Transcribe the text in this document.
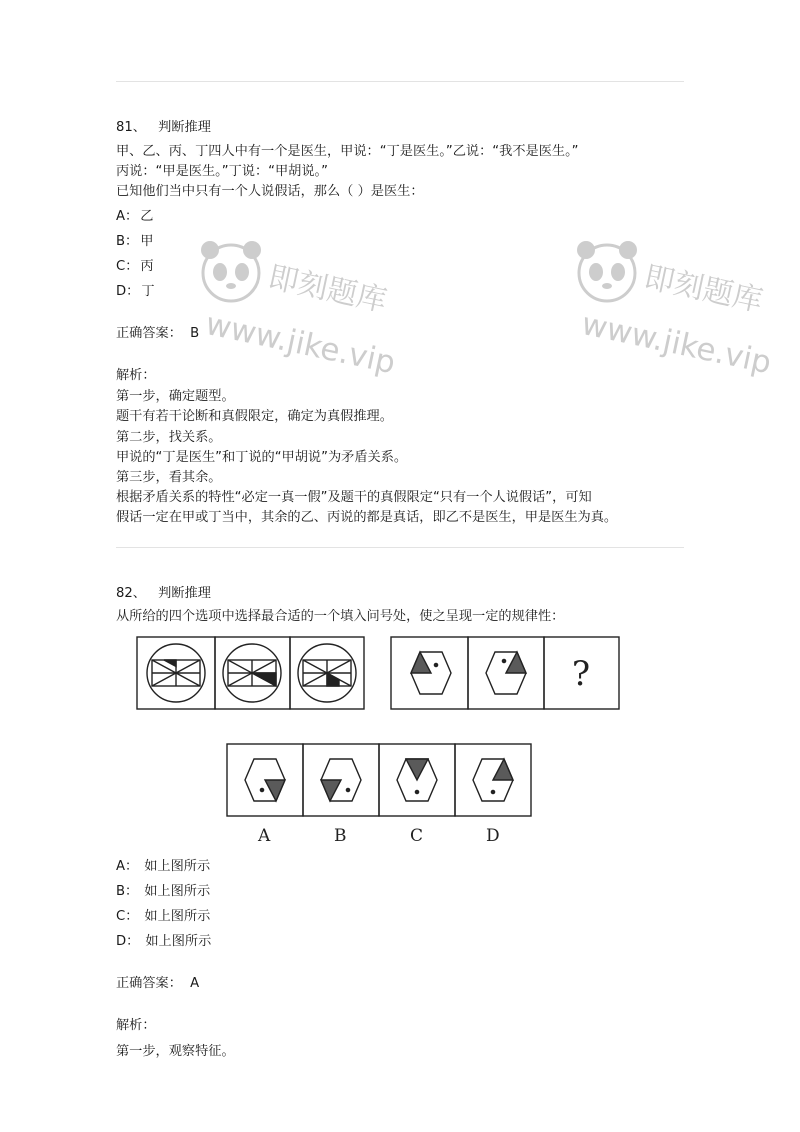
即刻题库
www.jike.vip
即刻题库
www.jike.vip
81、 判断推理
甲、乙、丙、丁四人中有一个是医生，甲说：“丁是医生。”乙说：“我不是医生。”
丙说：“甲是医生。”丁说：“甲胡说。”
已知他们当中只有一个人说假话，那么（ ）是医生：
A： 乙
B： 甲
C： 丙
D： 丁
正确答案： B
解析：
第一步，确定题型。
题干有若干论断和真假限定，确定为真假推理。
第二步，找关系。
甲说的“丁是医生”和丁说的“甲胡说”为矛盾关系。
第三步，看其余。
根据矛盾关系的特性“必定一真一假”及题干的真假限定“只有一个人说假话”，可知
假话一定在甲或丁当中，其余的乙、丙说的都是真话，即乙不是医生，甲是医生为真。
82、 判断推理
从所给的四个选项中选择最合适的一个填入问号处，使之呈现一定的规律性：
?
A	B	C	D
A： 如上图所示
B： 如上图所示
C： 如上图所示
D： 如上图所示
正确答案： A
解析：
第一步，观察特征。
